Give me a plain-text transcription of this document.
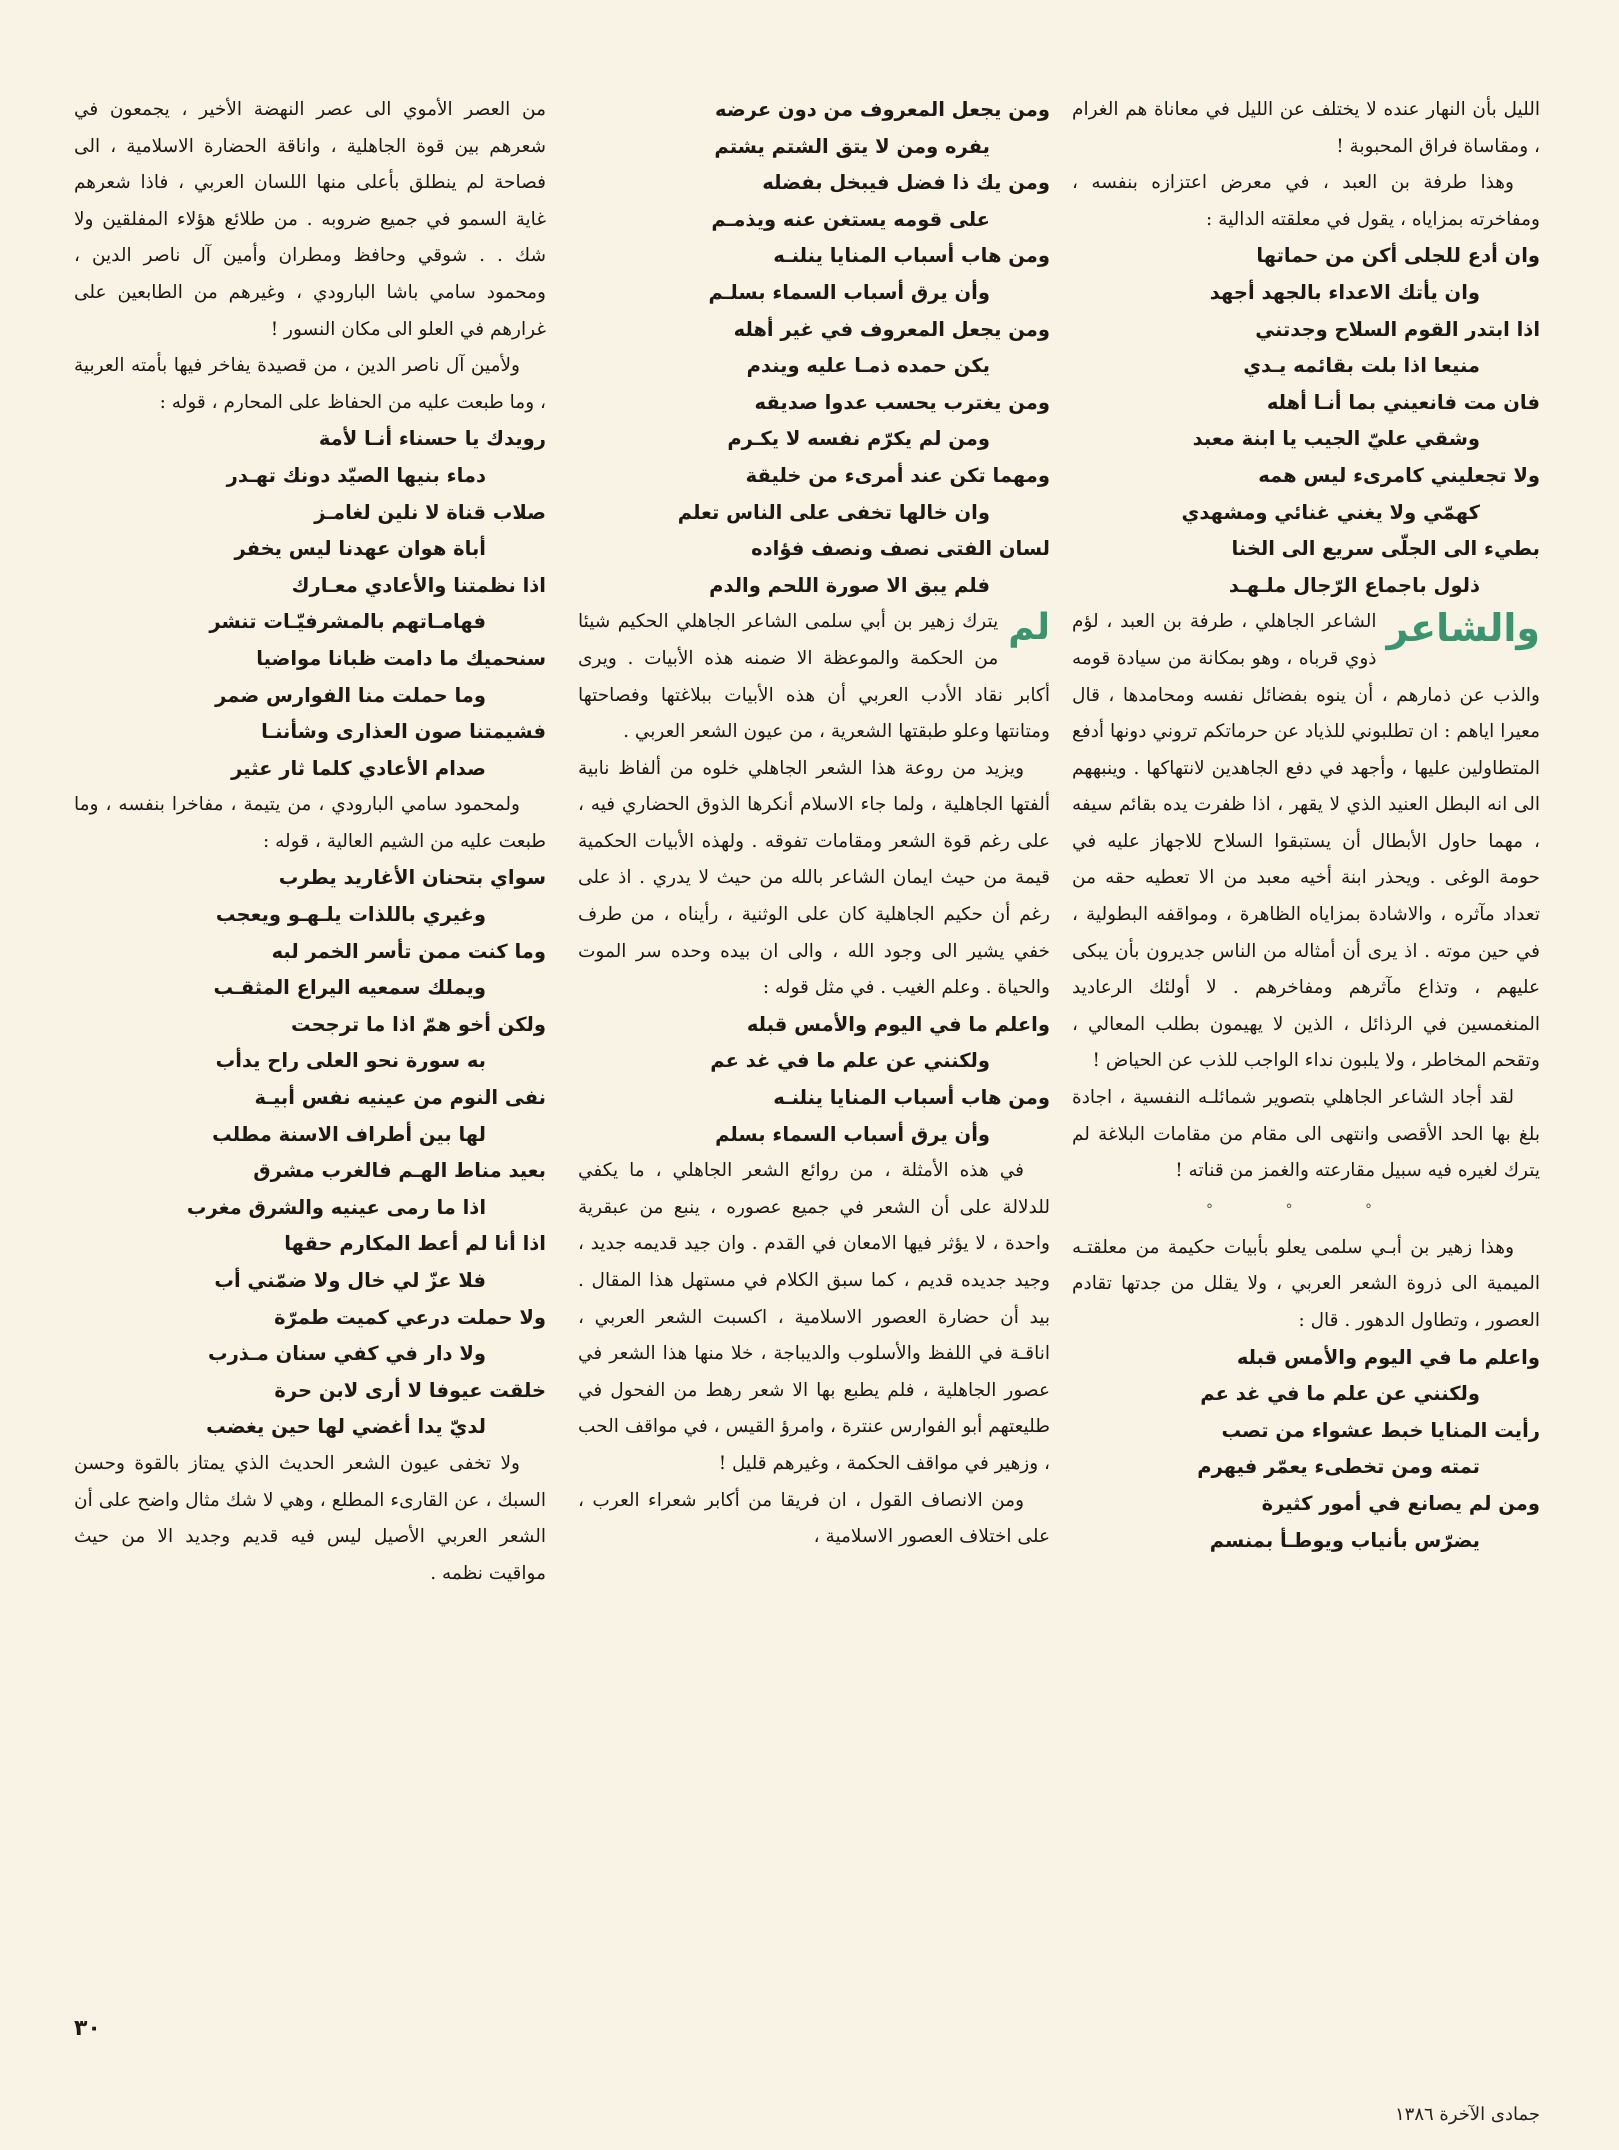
الليل بأن النهار عنده لا يختلف عن الليل في معاناة هم الغرام ، ومقاساة فراق المحبوبة !

وهذا طرفة بن العبد ، في معرض اعتزازه بنفسه ، ومفاخرته بمزاياه ، يقول في معلقته الدالية :

وان أدع للجلى أكن من حماتها

وان يأتك الاعداء بالجهد أجهد

اذا ابتدر القوم السلاح وجدتني

منيعا اذا بلت بقائمه يـدي

فان مت فانعيني بما أنـا أهله

وشقي عليّ الجيب يا ابنة معبد

ولا تجعليني كامرىء ليس همه

كهمّي ولا يغني غنائي ومشهدي

بطيء الى الجلّى سريع الى الخنا

ذلول باجماع الرّجال ملـهـد

والشاعر
الشاعر الجاهلي ، طرفة بن العبد ، لؤم ذوي قرباه ، وهو بمكانة من سيادة قومه والذب عن ذمارهم ، أن ينوه بفضائل نفسه ومحامدها ، قال معيرا اياهم : ان تطلبوني للذياد عن حرماتكم تروني دونها أدفع المتطاولين عليها ، وأجهد في دفع الجاهدين لانتهاكها . وينبههم الى انه البطل العنيد الذي لا يقهر ، اذا ظفرت يده بقائم سيفه ، مهما حاول الأبطال أن يستبقوا السلاح للاجهاز عليه في حومة الوغى . ويحذر ابنة أخيه معبد من الا تعطيه حقه من تعداد مآثره ، والاشادة بمزاياه الظاهرة ، ومواقفه البطولية ، في حين موته . اذ يرى أن أمثاله من الناس جديرون بأن يبكى عليهم ، وتذاع مآثرهم ومفاخرهم . لا أولئك الرعاديد المنغمسين في الرذائل ، الذين لا يهيمون بطلب المعالي ، وتقحم المخاطر ، ولا يلبون نداء الواجب للذب عن الحياض !

لقد أجاد الشاعر الجاهلي بتصوير شمائلـه النفسية ، اجادة بلغ بها الحد الأقصى وانتهى الى مقام من مقامات البلاغة لم يترك لغيره فيه سبيل مقارعته والغمز من قناته !

° ° °

وهذا زهير بن أبـي سلمى يعلو بأبيات حكيمة من معلقتـه الميمية الى ذروة الشعر العربي ، ولا يقلل من جدتها تقادم العصور ، وتطاول الدهور . قال :

واعلم ما في اليوم والأمس قبله

ولكنني عن علم ما في غد عم

رأيت المنايا خبط عشواء من تصب

تمته ومن تخطىء يعمّر فيهرم

ومن لم يصانع في أمور كثيرة

يضرّس بأنياب ويوطـأ بمنسم

ومن يجعل المعروف من دون عرضه

يفره ومن لا يتق الشتم يشتم

ومن يك ذا فضل فيبخل بفضله

على قومه يستغن عنه ويذمـم

ومن هاب أسباب المنايا ينلنـه

وأن يرق أسباب السماء بسلـم

ومن يجعل المعروف في غير أهله

يكن حمده ذمـا عليه ويندم

ومن يغترب يحسب عدوا صديقه

ومن لم يكرّم نفسه لا يكـرم

ومهما تكن عند أمرىء من خليقة

وان خالها تخفى على الناس تعلم

لسان الفتى نصف ونصف فؤاده

فلم يبق الا صورة اللحم والدم

لم
يترك زهير بن أبي سلمى الشاعر الجاهلي الحكيم شيئا من الحكمة والموعظة الا ضمنه هذه الأبيات . ويرى أكابر نقاد الأدب العربي أن هذه الأبيات ببلاغتها وفصاحتها ومتانتها وعلو طبقتها الشعرية ، من عيون الشعر العربي .

ويزيد من روعة هذا الشعر الجاهلي خلوه من ألفاظ نابية ألفتها الجاهلية ، ولما جاء الاسلام أنكرها الذوق الحضاري فيه ، على رغم قوة الشعر ومقامات تفوقه . ولهذه الأبيات الحكمية قيمة من حيث ايمان الشاعر بالله من حيث لا يدري . اذ على رغم أن حكيم الجاهلية كان على الوثنية ، رأيناه ، من طرف خفي يشير الى وجود الله ، والى ان بيده وحده سر الموت والحياة . وعلم الغيب . في مثل قوله :

واعلم ما في اليوم والأمس قبله

ولكنني عن علم ما في غد عم

ومن هاب أسباب المنايا ينلنـه

وأن يرق أسباب السماء بسلم

في هذه الأمثلة ، من روائع الشعر الجاهلي ، ما يكفي للدلالة على أن الشعر في جميع عصوره ، ينبع من عبقرية واحدة ، لا يؤثر فيها الامعان في القدم . وان جيد قديمه جديد ، وجيد جديده قديم ، كما سبق الكلام في مستهل هذا المقال . بيد أن حضارة العصور الاسلامية ، اكسبت الشعر العربي ، اناقـة في اللفظ والأسلوب والديباجة ، خلا منها هذا الشعر في عصور الجاهلية ، فلم يطبع بها الا شعر رهط من الفحول في طليعتهم أبو الفوارس عنترة ، وامرؤ القيس ، في مواقف الحب ، وزهير في مواقف الحكمة ، وغيرهم قليل !

ومن الانصاف القول ، ان فريقا من أكابر شعراء العرب ، على اختلاف العصور الاسلامية ،

من العصر الأموي الى عصر النهضة الأخير ، يجمعون في شعرهم بين قوة الجاهلية ، واناقة الحضارة الاسلامية ، الى فصاحة لم ينطلق بأعلى منها اللسان العربي ، فاذا شعرهم غاية السمو في جميع ضروبه . من طلائع هؤلاء المفلقين ولا شك . . شوقي وحافظ ومطران وأمين آل ناصر الدين ، ومحمود سامي باشا البارودي ، وغيرهم من الطابعين على غرارهم في العلو الى مكان النسور !

ولأمين آل ناصر الدين ، من قصيدة يفاخر فيها بأمته العربية ، وما طبعت عليه من الحفاظ على المحارم ، قوله :

رويدك يا حسناء أنـا لأمة

دماء بنيها الصيّد دونك تهـدر

صلاب قناة لا نلين لغامـز

أباة هوان عهدنا ليس يخفر

اذا نظمتنا والأعادي معـارك

فهامـاتهم بالمشرفيّـات تنشر

سنحميك ما دامت ظبانا مواضيا

وما حملت منا الفوارس ضمر

فشيمتنا صون العذارى وشأننـا

صدام الأعادي كلما ثار عثير

ولمحمود سامي البارودي ، من يتيمة ، مفاخرا بنفسه ، وما طبعت عليه من الشيم العالية ، قوله :

سواي بتحنان الأغاريد يطرب

وغيري باللذات يلـهـو ويعجب

وما كنت ممن تأسر الخمر لبه

ويملك سمعيه اليراع المثقـب

ولكن أخو همّ اذا ما ترجحت

به سورة نحو العلى راح يدأب

نفى النوم من عينيه نفس أبيـة

لها بين أطراف الاسنة مطلب

بعيد مناط الهـم فالغرب مشرق

اذا ما رمى عينيه والشرق مغرب

اذا أنا لم أعط المكارم حقها

فلا عزّ لي خال ولا ضمّني أب

ولا حملت درعي كميت طمرّة

ولا دار في كفي سنان مـذرب

خلقت عيوفا لا أرى لابن حرة

لديّ يدا أغضي لها حين يغضب

ولا تخفى عيون الشعر الحديث الذي يمتاز بالقوة وحسن السبك ، عن القارىء المطلع ، وهي لا شك مثال واضح على أن الشعر العربي الأصيل ليس فيه قديم وجديد الا من حيث مواقيت نظمه .

٣٠
جمادى الآخرة ١٣٨٦
